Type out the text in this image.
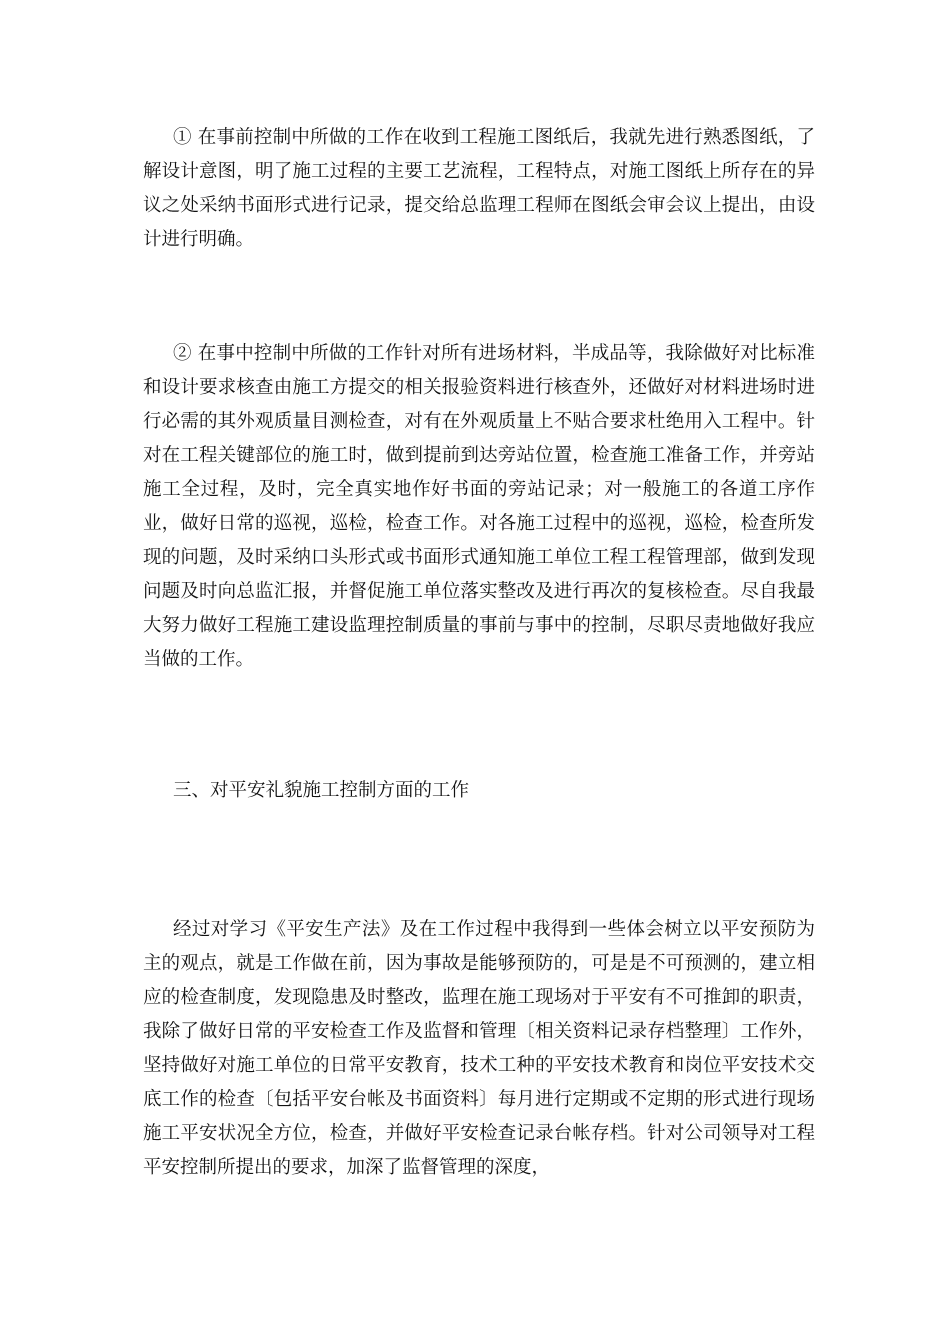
① 在事前控制中所做的工作在收到工程施工图纸后，我就先进行熟悉图纸，了解设计意图，明了施工过程的主要工艺流程，工程特点，对施工图纸上所存在的异议之处采纳书面形式进行记录，提交给总监理工程师在图纸会审会议上提出，由设计进行明确。

② 在事中控制中所做的工作针对所有进场材料，半成品等，我除做好对比标准和设计要求核查由施工方提交的相关报验资料进行核查外，还做好对材料进场时进行必需的其外观质量目测检查，对有在外观质量上不贴合要求杜绝用入工程中。针对在工程关键部位的施工时，做到提前到达旁站位置，检查施工准备工作，并旁站施工全过程，及时，完全真实地作好书面的旁站记录；对一般施工的各道工序作业，做好日常的巡视，巡检，检查工作。对各施工过程中的巡视，巡检，检查所发现的问题，及时采纳口头形式或书面形式通知施工单位工程工程管理部，做到发现问题及时向总监汇报，并督促施工单位落实整改及进行再次的复核检查。尽自我最大努力做好工程施工建设监理控制质量的事前与事中的控制，尽职尽责地做好我应当做的工作。

三、对平安礼貌施工控制方面的工作

经过对学习《平安生产法》及在工作过程中我得到一些体会树立以平安预防为主的观点，就是工作做在前，因为事故是能够预防的，可是是不可预测的，建立相应的检查制度，发现隐患及时整改，监理在施工现场对于平安有不可推卸的职责，我除了做好日常的平安检查工作及监督和管理〔相关资料记录存档整理〕工作外，坚持做好对施工单位的日常平安教育，技术工种的平安技术教育和岗位平安技术交底工作的检查〔包括平安台帐及书面资料〕每月进行定期或不定期的形式进行现场施工平安状况全方位，检查，并做好平安检查记录台帐存档。针对公司领导对工程平安控制所提出的要求，加深了监督管理的深度，
